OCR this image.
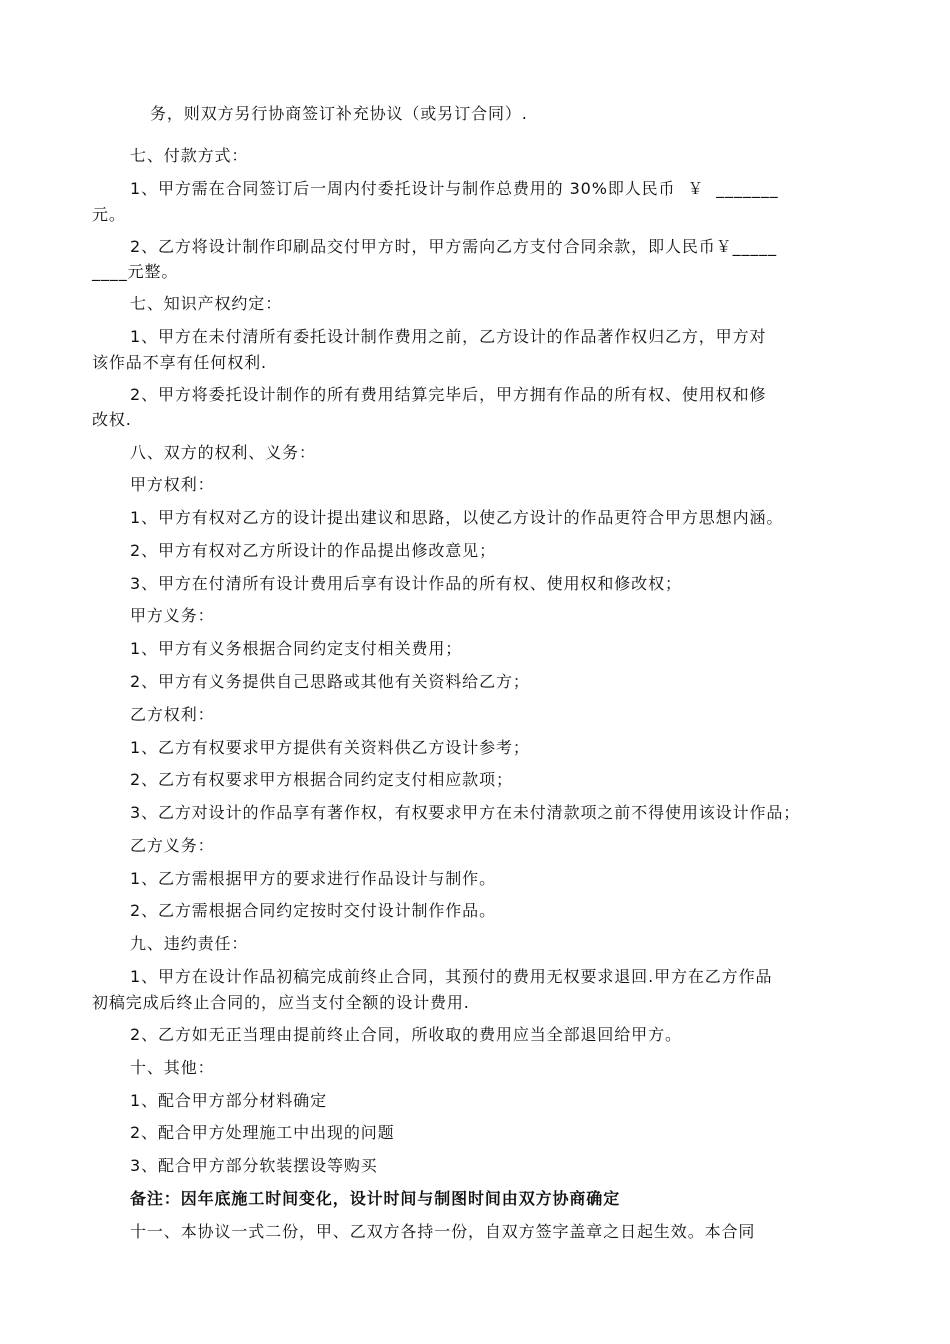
务，则双方另行协商签订补充协议（或另订合同）.
七、付款方式：
1、甲方需在合同签订后一周内付委托设计与制作总费用的 30%即人民币  ￥  _______
元。
2、乙方将设计制作印刷品交付甲方时，甲方需向乙方支付合同余款，即人民币￥_____
____元整。
七、知识产权约定：
1、甲方在未付清所有委托设计制作费用之前，乙方设计的作品著作权归乙方，甲方对
该作品不享有任何权利.
2、甲方将委托设计制作的所有费用结算完毕后，甲方拥有作品的所有权、使用权和修
改权.
八、双方的权利、义务：
甲方权利：
1、甲方有权对乙方的设计提出建议和思路，以使乙方设计的作品更符合甲方思想内涵。
2、甲方有权对乙方所设计的作品提出修改意见；
3、甲方在付清所有设计费用后享有设计作品的所有权、使用权和修改权；
甲方义务：
1、甲方有义务根据合同约定支付相关费用；
2、甲方有义务提供自己思路或其他有关资料给乙方；
乙方权利：
1、乙方有权要求甲方提供有关资料供乙方设计参考；
2、乙方有权要求甲方根据合同约定支付相应款项；
3、乙方对设计的作品享有著作权，有权要求甲方在未付清款项之前不得使用该设计作品；
乙方义务：
1、乙方需根据甲方的要求进行作品设计与制作。
2、乙方需根据合同约定按时交付设计制作作品。
九、违约责任：
1、甲方在设计作品初稿完成前终止合同，其预付的费用无权要求退回.甲方在乙方作品
初稿完成后终止合同的，应当支付全额的设计费用.
2、乙方如无正当理由提前终止合同，所收取的费用应当全部退回给甲方。
十、其他：
1、配合甲方部分材料确定
2、配合甲方处理施工中出现的问题
3、配合甲方部分软装摆设等购买
备注：因年底施工时间变化，设计时间与制图时间由双方协商确定
十一、本协议一式二份，甲、乙双方各持一份，自双方签字盖章之日起生效。本合同
